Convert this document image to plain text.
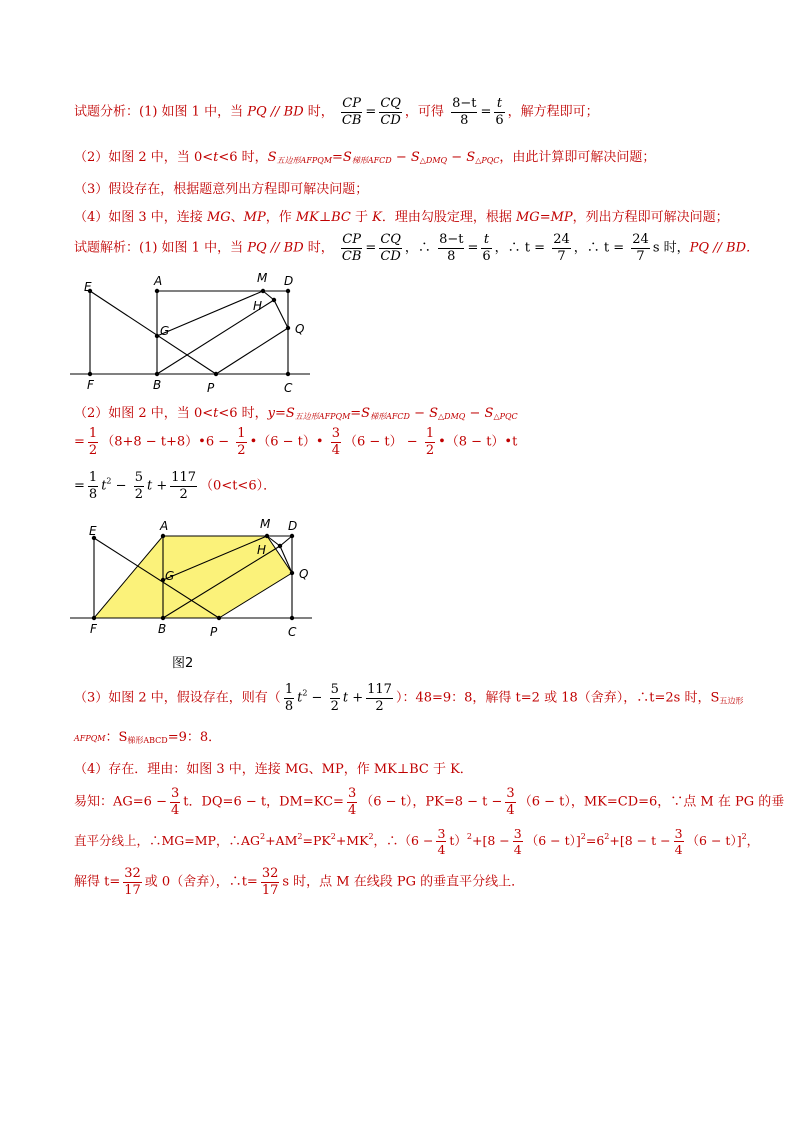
试题分析：(1) 如图 1 中，当 PQ // BD 时， $\frac{CP}{CB} = \frac{CQ}{CD}$ ，可得 $\frac{8-t}{8} = \frac{t}{6}$ ，解方程即可；
（2）如图 2 中，当 0<t<6 时，$S_{五边形AFPQM}=S_{梯形AFCD} - S_{\triangle DMQ} - S_{\triangle PQC}$，由此计算即可解决问题；
（3）假设存在，根据题意列出方程即可解决问题；
（4）如图 3 中，连接 MG、MP，作 MK⊥BC 于 K．理由勾股定理，根据 MG=MP，列出方程即可解决问题；
试题解析：(1) 如图 1 中，当 PQ // BD 时， $\frac{CP}{CB} = \frac{CQ}{CD}$ ，∴ $\frac{8-t}{8} = \frac{t}{6}$ ，∴ $t = \frac{24}{7}$ ，∴ $t = \frac{24}{7}$ s 时，PQ // BD．
E	A	M D
H
G	Q
F	B	P	C
（2）如图 2 中，当 0<t<6 时，$y=S_{五边形AFPQM}=S_{梯形AFCD} - S_{\triangle DMQ} - S_{\triangle PQC}$
= $\frac{1}{2} (8+8$ − t+8）•6 − $\frac{1}{2}$ •（6 − t）• $\frac{3}{4} (6 - t) - \frac{1}{2}$ •（8 − t）•t
= $\frac{1}{8} t^2 - \frac{5}{2}$ $t + \frac{117}{2} (0<t<6)$．
E	A	M D
H
G	Q
F	B	P	C
图2
（3）如图 2 中，假设存在，则有（ $\frac{1}{8} t^2 - \frac{5}{2}$ $t + \frac{117}{2}$ ）：48=9：8，解得 t=2 或 18（舍弃），∴t=2s 时，$S_{五边形}$
AFPQM：$S_{梯形ABCD}=9$：8．
（4）存在．理由：如图 3 中，连接 MG、MP，作 MK⊥BC 于 K．
易知：$AG=6 - \frac{3}{4}$ t．DQ=6 − t，$DM=KC= \frac{3}{4} (6 - t)$，$PK=8 - t - \frac{3}{4} (6 - t)$，MK=CD=6，∵点 M 在 PG 的垂
直平分线上，∴MG=MP，$\therefore AG^2+AM^2=PK^2+MK^2$，∴（6 − $\frac{3}{4} t)^2+[8 - \frac{3}{4} (6 - t)]^2=6^2+[8 - t - \frac{3}{4} (6 - t)]^2$，
解得 $t= \frac{32}{17}$ 或 0（舍弃），∴t= $\frac{32}{17}$ s 时，点 M 在线段 PG 的垂直平分线上．
